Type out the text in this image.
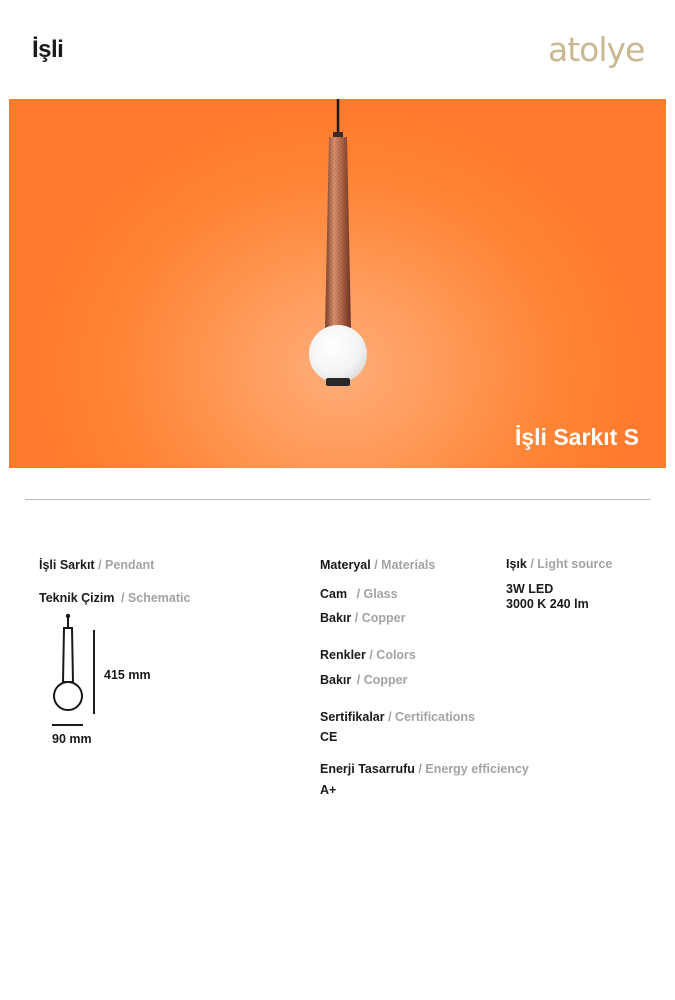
İşli	atolye
İşli Sarkıt S
İşli Sarkıt / Pendant
Teknik Çizim / Schematic
415 mm
90 mm
Materyal / Materials
Cam / Glass
Bakır / Copper
Renkler / Colors
Bakır / Copper
Sertifikalar / Certifications
CE
Enerji Tasarrufu / Energy efficiency
A+
Işık / Light source
3W LED
3000 K 240 lm
